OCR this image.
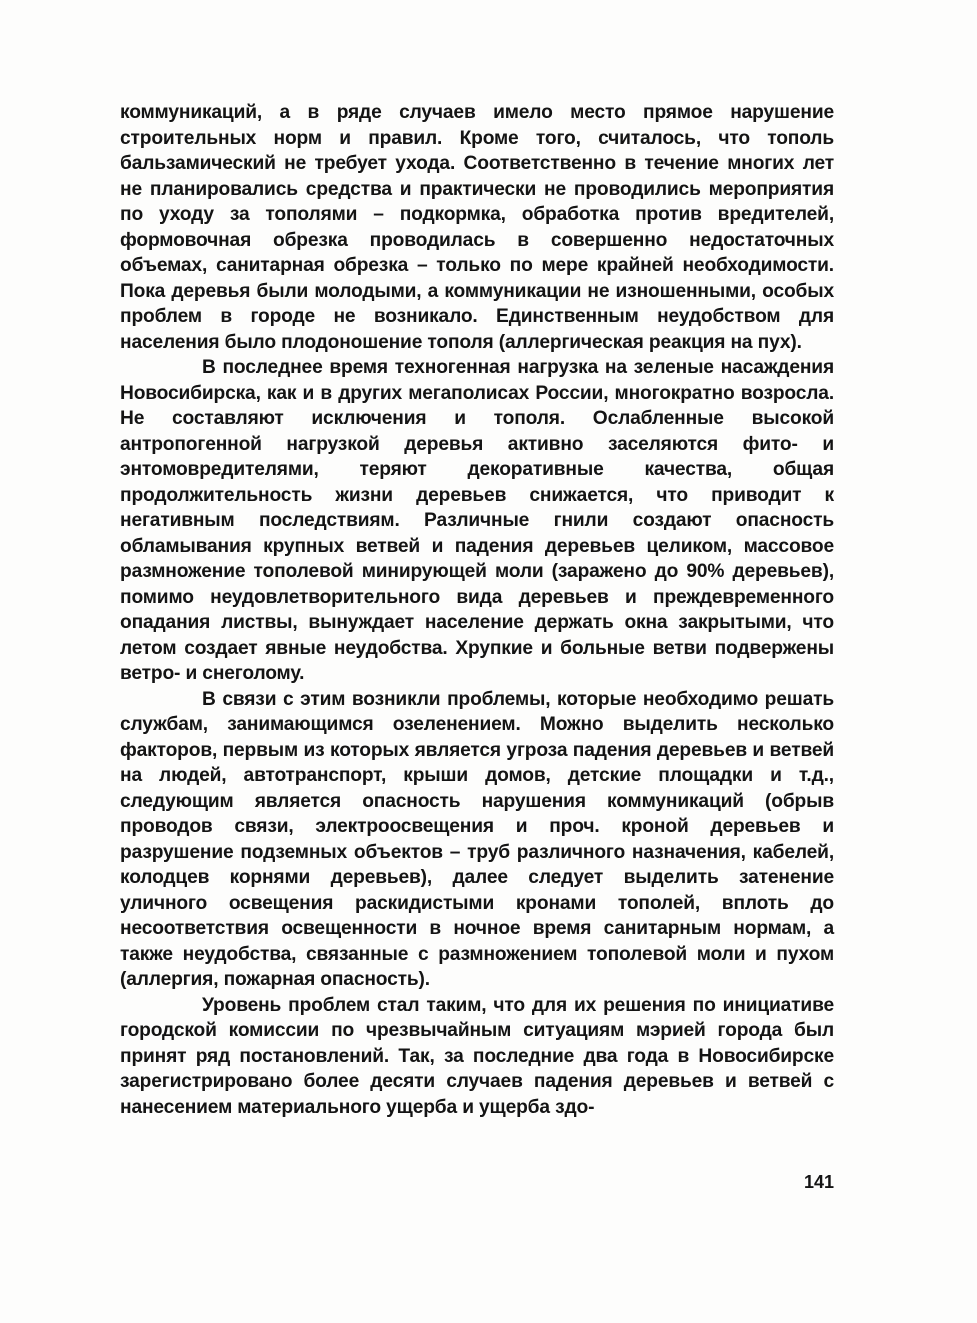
коммуникаций, а в ряде случаев имело место прямое нарушение строительных норм и правил. Кроме того, считалось, что тополь бальзамический не требует ухода. Соответственно в течение многих лет не планировались средства и практически не проводились мероприятия по уходу за тополями – подкормка, обработка против вредителей, формовочная обрезка проводилась в совершенно недостаточных объемах, санитарная обрезка – только по мере крайней необходимости. Пока деревья были молодыми, а коммуникации не изношенными, особых проблем в городе не возникало. Единственным неудобством для населения было плодоношение тополя (аллергическая реакция на пух).

В последнее время техногенная нагрузка на зеленые насаждения Новосибирска, как и в других мегаполисах России, многократно возросла. Не составляют исключения и тополя. Ослабленные высокой антропогенной нагрузкой деревья активно заселяются фито- и энтомовредителями, теряют декоративные качества, общая продолжительность жизни деревьев снижается, что приводит к негативным последствиям. Различные гнили создают опасность обламывания крупных ветвей и падения деревьев целиком, массовое размножение тополевой минирующей моли (заражено до 90% деревьев), помимо неудовлетворительного вида деревьев и преждевременного опадания листвы, вынуждает население держать окна закрытыми, что летом создает явные неудобства. Хрупкие и больные ветви подвержены ветро- и снеголому.

В связи с этим возникли проблемы, которые необходимо решать службам, занимающимся озеленением. Можно выделить несколько факторов, первым из которых является угроза падения деревьев и ветвей на людей, автотранспорт, крыши домов, детские площадки и т.д., следующим является опасность нарушения коммуникаций (обрыв проводов связи, электроосвещения и проч. кроной деревьев и разрушение подземных объектов – труб различного назначения, кабелей, колодцев корнями деревьев), далее следует выделить затенение уличного освещения раскидистыми кронами тополей, вплоть до несоответствия освещенности в ночное время санитарным нормам, а также неудобства, связанные с размножением тополевой моли и пухом (аллергия, пожарная опасность).

Уровень проблем стал таким, что для их решения по инициативе городской комиссии по чрезвычайным ситуациям мэрией города был принят ряд постановлений. Так, за последние два года в Новосибирске зарегистрировано более десяти случаев падения деревьев и ветвей с нанесением материального ущерба и ущерба здо-

141
